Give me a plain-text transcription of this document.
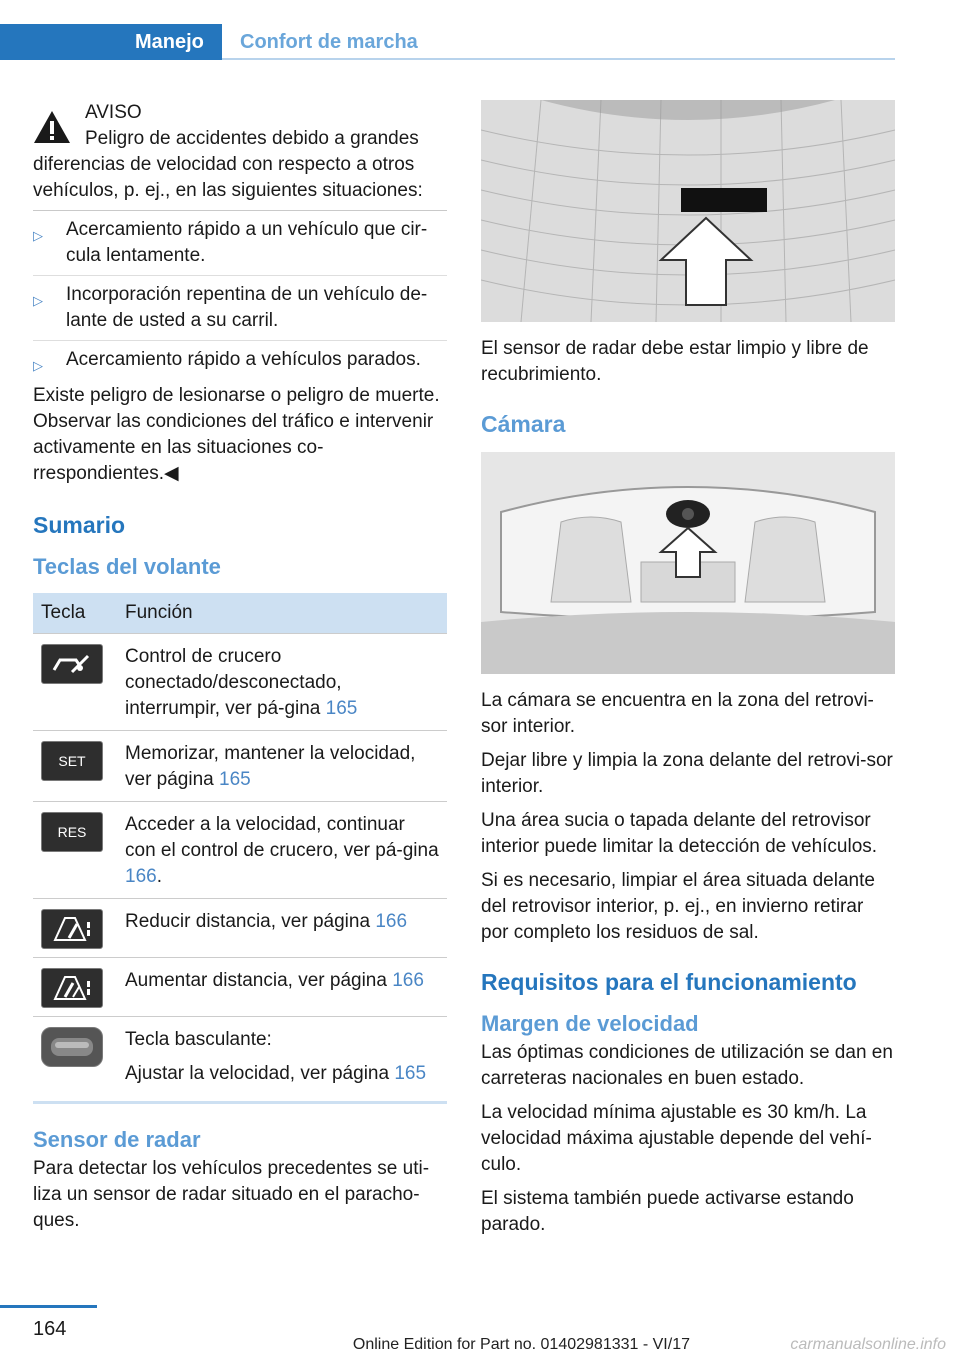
Manejo	Confort de marcha

AVISO

Peligro de accidentes debido a grandes

diferencias de velocidad con respecto a otros vehículos, p. ej., en las siguientes situaciones:

▷ Acercamiento rápido a un vehículo que cir‐cula lentamente.
▷ Incorporación repentina de un vehículo de‐lante de usted a su carril.
▷ Acercamiento rápido a vehículos parados.

Existe peligro de lesionarse o peligro de muerte. Observar las condiciones del tráfico e intervenir activamente en las situaciones co‐rrespondientes.◀

Sumario
Teclas del volante
Tecla	Función

	Control de crucero conectado/desconectado, interrumpir, ver pá‐gina 165

SET	Memorizar, mantener la velocidad, ver página 165

RES	Acceder a la velocidad, continuar con el control de crucero, ver pá‐gina 166.

	Reducir distancia, ver página 166

	Aumentar distancia, ver página 166

Tecla basculante:
Ajustar la velocidad, ver página 165
Sensor de radar

Para detectar los vehículos precedentes se uti‐liza un sensor de radar situado en el paracho‐ques.

El sensor de radar debe estar limpio y libre de recubrimiento.

Cámara

La cámara se encuentra en la zona del retrovi‐sor interior.

Dejar libre y limpia la zona delante del retrovi‐sor interior.

Una área sucia o tapada delante del retrovisor interior puede limitar la detección de vehículos.

Si es necesario, limpiar el área situada delante del retrovisor interior, p. ej., en invierno retirar por completo los residuos de sal.

Requisitos para el funcionamiento
Margen de velocidad

Las óptimas condiciones de utilización se dan en carreteras nacionales en buen estado.

La velocidad mínima ajustable es 30 km/h. La velocidad máxima ajustable depende del vehí‐culo.

El sistema también puede activarse estando parado.

164
Online Edition for Part no. 01402981331 - VI/17	carmanualsonline.info
